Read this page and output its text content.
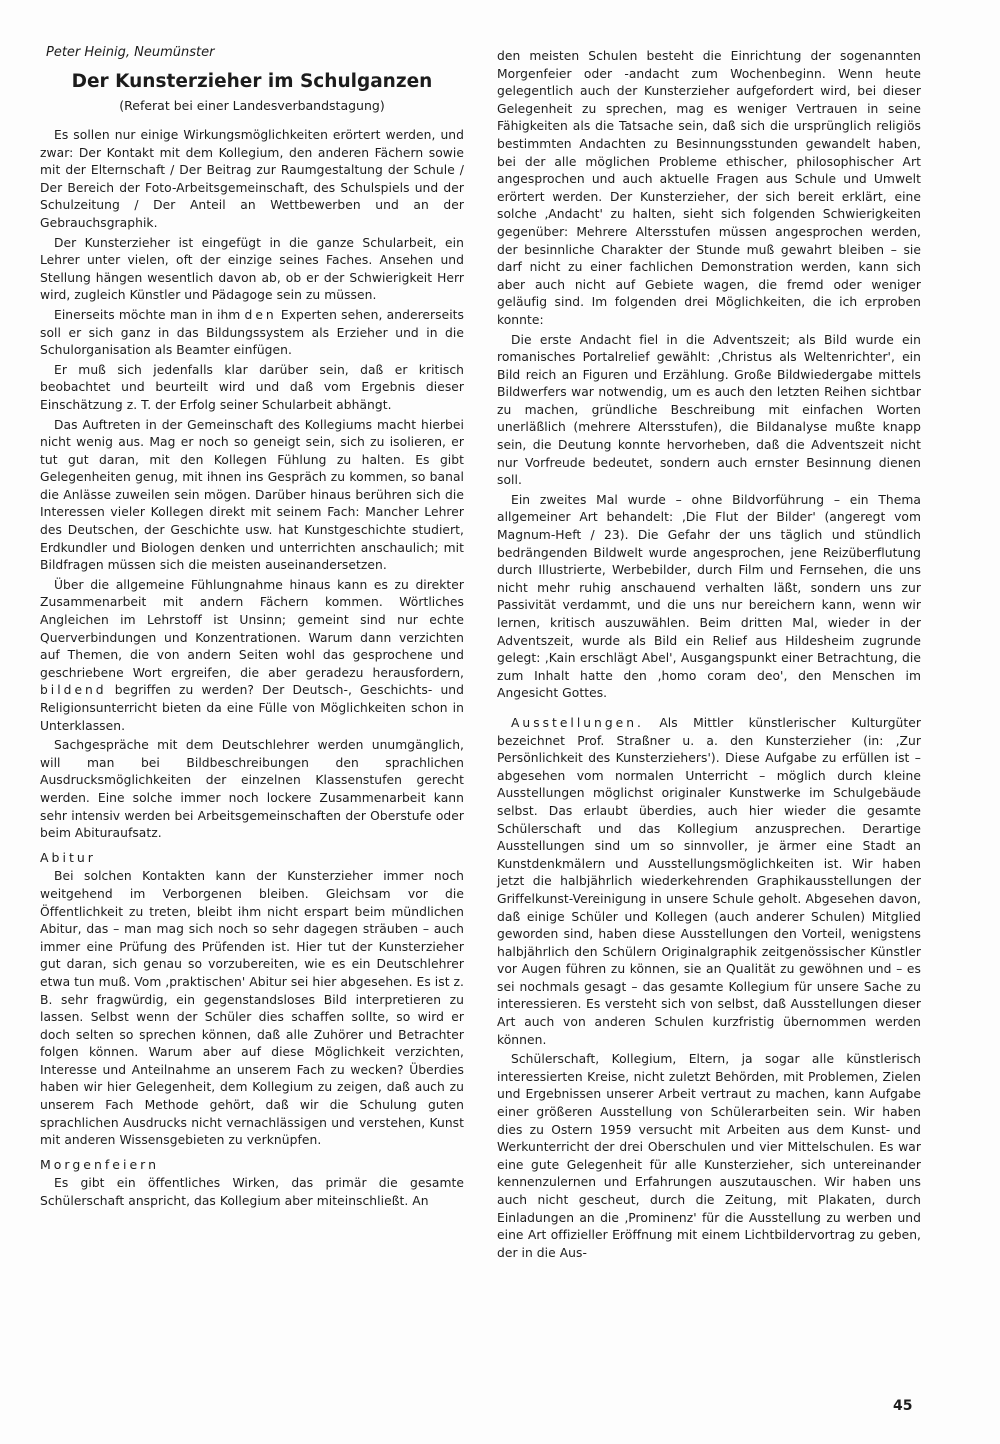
Peter Heinig, Neumünster
Der Kunsterzieher im Schulganzen
(Referat bei einer Landesverbandstagung)

Es sollen nur einige Wirkungsmöglichkeiten erörtert werden, und zwar: Der Kontakt mit dem Kollegium, den anderen Fächern sowie mit der Elternschaft / Der Beitrag zur Raumgestaltung der Schule / Der Bereich der Foto-Arbeitsgemeinschaft, des Schulspiels und der Schulzeitung / Der Anteil an Wettbewerben und an der Gebrauchsgraphik.

Der Kunsterzieher ist eingefügt in die ganze Schularbeit, ein Lehrer unter vielen, oft der einzige seines Faches. Ansehen und Stellung hängen wesentlich davon ab, ob er der Schwierigkeit Herr wird, zugleich Künstler und Pädagoge sein zu müssen.

Einerseits möchte man in ihm den Experten sehen, andererseits soll er sich ganz in das Bildungssystem als Erzieher und in die Schulorganisation als Beamter einfügen.

Er muß sich jedenfalls klar darüber sein, daß er kritisch beobachtet und beurteilt wird und daß vom Ergebnis dieser Einschätzung z. T. der Erfolg seiner Schularbeit abhängt.

Das Auftreten in der Gemeinschaft des Kollegiums macht hierbei nicht wenig aus. Mag er noch so geneigt sein, sich zu isolieren, er tut gut daran, mit den Kollegen Fühlung zu halten. Es gibt Gelegenheiten genug, mit ihnen ins Gespräch zu kommen, so banal die Anlässe zuweilen sein mögen. Darüber hinaus berühren sich die Interessen vieler Kollegen direkt mit seinem Fach: Mancher Lehrer des Deutschen, der Geschichte usw. hat Kunstgeschichte studiert, Erdkundler und Biologen denken und unterrichten anschaulich; mit Bildfragen müssen sich die meisten auseinandersetzen.

Über die allgemeine Fühlungnahme hinaus kann es zu direkter Zusammenarbeit mit andern Fächern kommen. Wörtliches Angleichen im Lehrstoff ist Unsinn; gemeint sind nur echte Querverbindungen und Konzentrationen. Warum dann verzichten auf Themen, die von andern Seiten wohl das gesprochene und geschriebene Wort ergreifen, die aber geradezu herausfordern, bildend begriffen zu werden? Der Deutsch-, Geschichts- und Religionsunterricht bieten da eine Fülle von Möglichkeiten schon in Unterklassen.

Sachgespräche mit dem Deutschlehrer werden unumgänglich, will man bei Bildbeschreibungen den sprachlichen Ausdrucksmöglichkeiten der einzelnen Klassenstufen gerecht werden. Eine solche immer noch lockere Zusammenarbeit kann sehr intensiv werden bei Arbeitsgemeinschaften der Oberstufe oder beim Abituraufsatz.

Abitur

Bei solchen Kontakten kann der Kunsterzieher immer noch weitgehend im Verborgenen bleiben. Gleichsam vor die Öffentlichkeit zu treten, bleibt ihm nicht erspart beim mündlichen Abitur, das – man mag sich noch so sehr dagegen sträuben – auch immer eine Prüfung des Prüfenden ist. Hier tut der Kunsterzieher gut daran, sich genau so vorzubereiten, wie es ein Deutschlehrer etwa tun muß. Vom ‚praktischen' Abitur sei hier abgesehen. Es ist z. B. sehr fragwürdig, ein gegenstandsloses Bild interpretieren zu lassen. Selbst wenn der Schüler dies schaffen sollte, so wird er doch selten so sprechen können, daß alle Zuhörer und Betrachter folgen können. Warum aber auf diese Möglichkeit verzichten, Interesse und Anteilnahme an unserem Fach zu wecken? Überdies haben wir hier Gelegenheit, dem Kollegium zu zeigen, daß auch zu unserem Fach Methode gehört, daß wir die Schulung guten sprachlichen Ausdrucks nicht vernachlässigen und verstehen, Kunst mit anderen Wissensgebieten zu verknüpfen.

Morgenfeiern

Es gibt ein öffentliches Wirken, das primär die gesamte Schülerschaft anspricht, das Kollegium aber miteinschließt. An

den meisten Schulen besteht die Einrichtung der sogenannten Morgenfeier oder -andacht zum Wochenbeginn. Wenn heute gelegentlich auch der Kunsterzieher aufgefordert wird, bei dieser Gelegenheit zu sprechen, mag es weniger Vertrauen in seine Fähigkeiten als die Tatsache sein, daß sich die ursprünglich religiös bestimmten Andachten zu Besinnungsstunden gewandelt haben, bei der alle möglichen Probleme ethischer, philosophischer Art angesprochen und auch aktuelle Fragen aus Schule und Umwelt erörtert werden. Der Kunsterzieher, der sich bereit erklärt, eine solche ‚Andacht' zu halten, sieht sich folgenden Schwierigkeiten gegenüber: Mehrere Altersstufen müssen angesprochen werden, der besinnliche Charakter der Stunde muß gewahrt bleiben – sie darf nicht zu einer fachlichen Demonstration werden, kann sich aber auch nicht auf Gebiete wagen, die fremd oder weniger geläufig sind. Im folgenden drei Möglichkeiten, die ich erproben konnte:

Die erste Andacht fiel in die Adventszeit; als Bild wurde ein romanisches Portalrelief gewählt: ‚Christus als Weltenrichter', ein Bild reich an Figuren und Erzählung. Große Bildwiedergabe mittels Bildwerfers war notwendig, um es auch den letzten Reihen sichtbar zu machen, gründliche Beschreibung mit einfachen Worten unerläßlich (mehrere Altersstufen), die Bildanalyse mußte knapp sein, die Deutung konnte hervorheben, daß die Adventszeit nicht nur Vorfreude bedeutet, sondern auch ernster Besinnung dienen soll.

Ein zweites Mal wurde – ohne Bildvorführung – ein Thema allgemeiner Art behandelt: ‚Die Flut der Bilder' (angeregt vom Magnum-Heft / 23). Die Gefahr der uns täglich und stündlich bedrängenden Bildwelt wurde angesprochen, jene Reizüberflutung durch Illustrierte, Werbebilder, durch Film und Fernsehen, die uns nicht mehr ruhig anschauend verhalten läßt, sondern uns zur Passivität verdammt, und die uns nur bereichern kann, wenn wir lernen, kritisch auszuwählen. Beim dritten Mal, wieder in der Adventszeit, wurde als Bild ein Relief aus Hildesheim zugrunde gelegt: ‚Kain erschlägt Abel', Ausgangspunkt einer Betrachtung, die zum Inhalt hatte den ‚homo coram deo', den Menschen im Angesicht Gottes.

Ausstellungen. Als Mittler künstlerischer Kulturgüter bezeichnet Prof. Straßner u. a. den Kunsterzieher (in: ‚Zur Persönlichkeit des Kunsterziehers'). Diese Aufgabe zu erfüllen ist – abgesehen vom normalen Unterricht – möglich durch kleine Ausstellungen möglichst originaler Kunstwerke im Schulgebäude selbst. Das erlaubt überdies, auch hier wieder die gesamte Schülerschaft und das Kollegium anzusprechen. Derartige Ausstellungen sind um so sinnvoller, je ärmer eine Stadt an Kunstdenkmälern und Ausstellungsmöglichkeiten ist. Wir haben jetzt die halbjährlich wiederkehrenden Graphikausstellungen der Griffelkunst-Vereinigung in unsere Schule geholt. Abgesehen davon, daß einige Schüler und Kollegen (auch anderer Schulen) Mitglied geworden sind, haben diese Ausstellungen den Vorteil, wenigstens halbjährlich den Schülern Originalgraphik zeitgenössischer Künstler vor Augen führen zu können, sie an Qualität zu gewöhnen und – es sei nochmals gesagt – das gesamte Kollegium für unsere Sache zu interessieren. Es versteht sich von selbst, daß Ausstellungen dieser Art auch von anderen Schulen kurzfristig übernommen werden können.

Schülerschaft, Kollegium, Eltern, ja sogar alle künstlerisch interessierten Kreise, nicht zuletzt Behörden, mit Problemen, Zielen und Ergebnissen unserer Arbeit vertraut zu machen, kann Aufgabe einer größeren Ausstellung von Schülerarbeiten sein. Wir haben dies zu Ostern 1959 versucht mit Arbeiten aus dem Kunst- und Werkunterricht der drei Oberschulen und vier Mittelschulen. Es war eine gute Gelegenheit für alle Kunsterzieher, sich untereinander kennenzulernen und Erfahrungen auszutauschen. Wir haben uns auch nicht gescheut, durch die Zeitung, mit Plakaten, durch Einladungen an die ‚Prominenz' für die Ausstellung zu werben und eine Art offizieller Eröffnung mit einem Lichtbildervortrag zu geben, der in die Aus-

45
